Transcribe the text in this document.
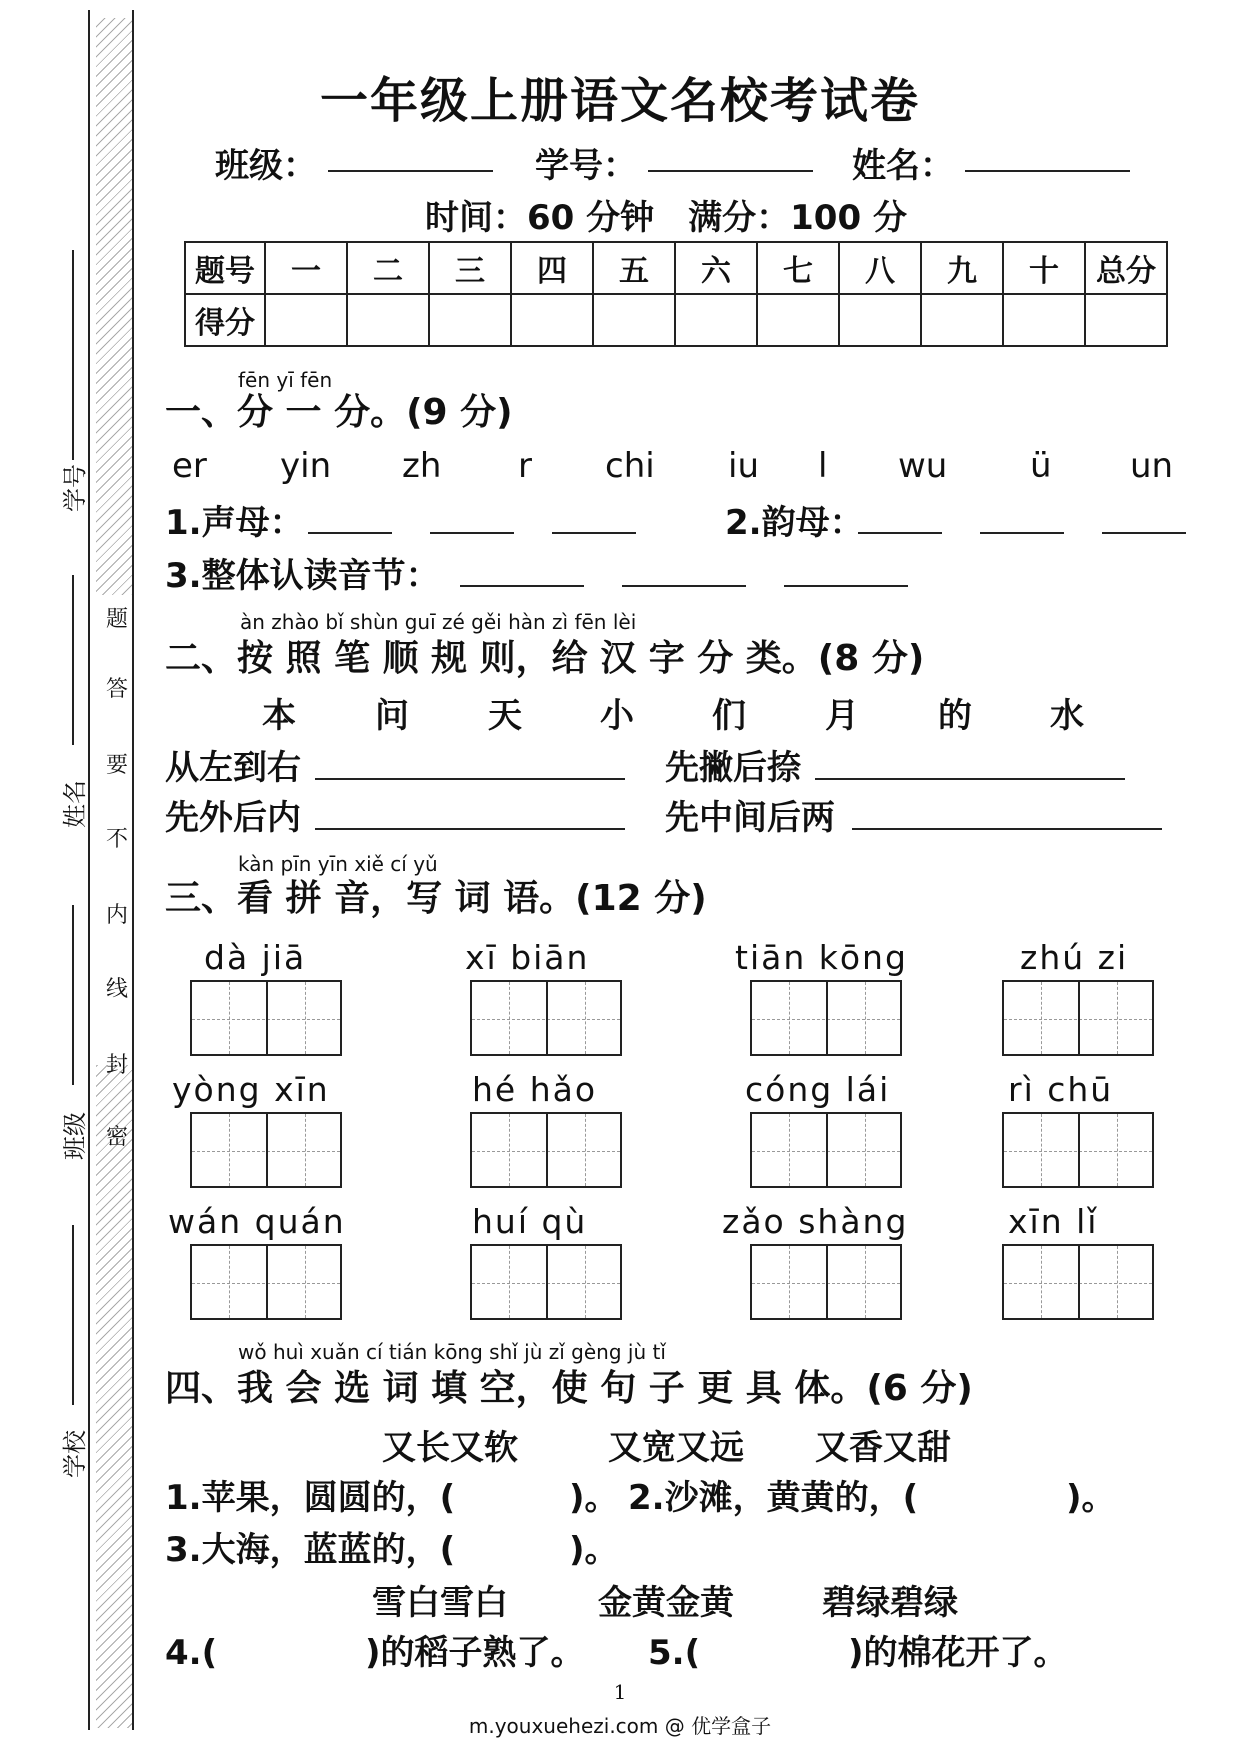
题
答
要
不
内
线
封
密
学号
姓名
班级
学校
一年级上册语文名校考试卷
班级：	学号：	姓名：
时间：60 分钟　满分：100 分
题号	一	二	三	四	五	六	七	八	九	十	总分
得分											
fēn yī fēn
一、分 一 分。(9 分)
er yin zh r chi iu l wu ü un
1.声母：	2.韵母：
3.整体认读音节：
àn zhào bǐ shùn guī zé gěi hàn zì fēn lèi
二、按 照 笔 顺 规 则，给 汉 字 分 类。(8 分)
本 问 天 小 们 月 的 水
从左到右	先撇后捺
先外后内	先中间后两
kàn pīn yīn xiě cí yǔ
三、看 拼 音，写 词 语。(12 分)
dà jiā	xī biān	tiān kōng	zhú zi
yòng xīn	hé hǎo	cóng lái	rì chū
wán quán	huí qù	zǎo shàng	xīn lǐ
wǒ huì xuǎn cí tián kōng shǐ jù zǐ gèng jù tǐ
四、我 会 选 词 填 空，使 句 子 更 具 体。(6 分)
又长又软	又宽又远 又香又甜
1.苹果，圆圆的，(　　　 )。 2.沙滩，黄黄的，(　　　　 )。
3.大海，蓝蓝的，(　　　 )。
雪白雪白	金黄金黄	碧绿碧绿
4.(　　　　 )的稻子熟了。 5.(　　　　 )的棉花开了。
1
m.youxuehezi.com @ 优学盒子
